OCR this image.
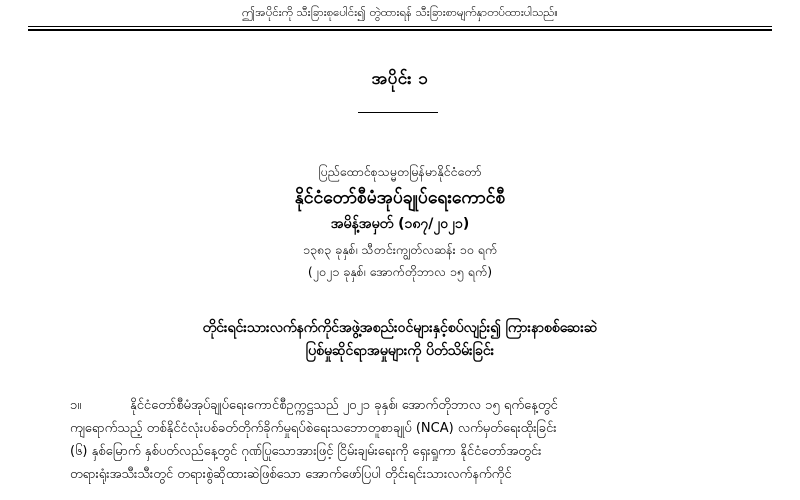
ဤအပိုင်းကို သီးခြားစုပေါင်း၍ တွဲထားရန် သီးခြားစာမျက်နှာတပ်ထားပါသည်။
အပိုင်း ၁
ပြည်ထောင်စုသမ္မတမြန်မာနိုင်ငံတော်
နိုင်ငံတော်စီမံအုပ်ချုပ်ရေးကောင်စီ
အမိန့်အမှတ် (၁၈၇/၂၀၂၁)
၁၃၈၃ ခုနှစ်၊ သီတင်းကျွတ်လဆန်း ၁၀ ရက်
(၂၀၂၁ ခုနှစ်၊ အောက်တိုဘာလ ၁၅ ရက်)
တိုင်းရင်းသားလက်နက်ကိုင်အဖွဲ့အစည်းဝင်များနှင့်စပ်လျဉ်း၍ ကြားနာစစ်ဆေးဆဲ
ပြစ်မှုဆိုင်ရာအမှုများကို ပိတ်သိမ်းခြင်း
၁။	နိုင်ငံတော်စီမံအုပ်ချုပ်ရေးကောင်စီဥက္ကဋ္ဌသည် ၂၀၂၁ ခုနှစ်၊ အောက်တိုဘာလ ၁၅ ရက်နေ့တွင်
ကျရောက်သည့် တစ်နိုင်ငံလုံးပစ်ခတ်တိုက်ခိုက်မှုရပ်စဲရေးသဘောတူစာချုပ် (NCA) လက်မှတ်ရေးထိုးခြင်း
(၆) နှစ်မြောက် နှစ်ပတ်လည်နေ့တွင် ဂုဏ်ပြုသောအားဖြင့် ငြိမ်းချမ်းရေးကို ရှေးရှုကာ နိုင်ငံတော်အတွင်း
တရားရုံးအသီးသီးတွင် တရားစွဲဆိုထားဆဲဖြစ်သော အောက်ဖော်ပြပါ တိုင်းရင်းသားလက်နက်ကိုင်
